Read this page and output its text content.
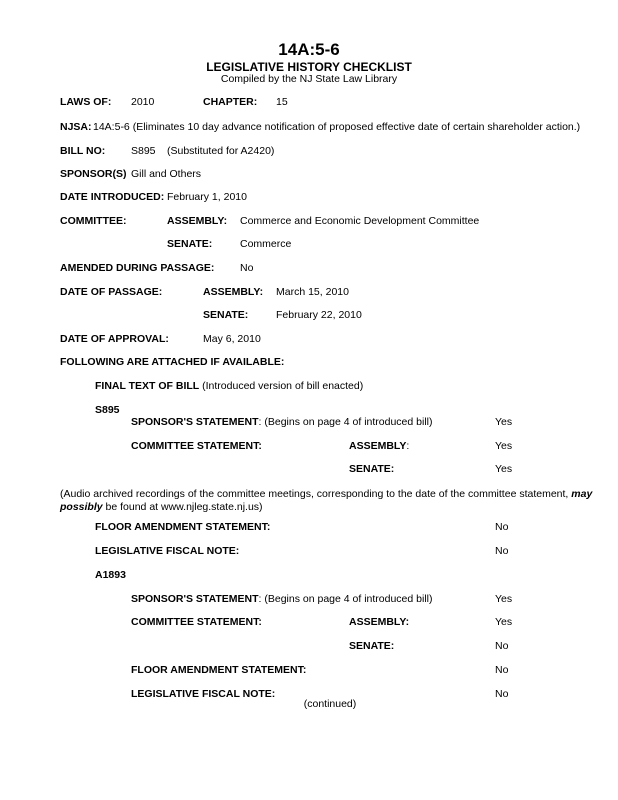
14A:5-6
LEGISLATIVE HISTORY CHECKLIST
Compiled by the NJ State Law Library
LAWS OF: 2010	CHAPTER: 15
NJSA: 14A:5-6 (Eliminates 10 day advance notification of proposed effective date of certain shareholder action.)
BILL NO: S895 (Substituted for A2420)
SPONSOR(S) Gill and Others
DATE INTRODUCED: February 1, 2010
COMMITTEE:	ASSEMBLY: Commerce and Economic Development Committee
SENATE:	Commerce
AMENDED DURING PASSAGE: No
DATE OF PASSAGE:	ASSEMBLY: March 15, 2010
SENATE:	February 22, 2010
DATE OF APPROVAL:	May 6, 2010
FOLLOWING ARE ATTACHED IF AVAILABLE:
FINAL TEXT OF BILL (Introduced version of bill enacted)
S895
SPONSOR'S STATEMENT: (Begins on page 4 of introduced bill)	Yes
COMMITTEE STATEMENT:	ASSEMBLY:	Yes
SENATE:	Yes
(Audio archived recordings of the committee meetings, corresponding to the date of the committee statement, may possibly be found at www.njleg.state.nj.us)
FLOOR AMENDMENT STATEMENT:	No
LEGISLATIVE FISCAL NOTE:	No
A1893
SPONSOR'S STATEMENT: (Begins on page 4 of introduced bill)	Yes
COMMITTEE STATEMENT:	ASSEMBLY:	Yes
SENATE:	No
FLOOR AMENDMENT STATEMENT:	No
LEGISLATIVE FISCAL NOTE:	No
(continued)
